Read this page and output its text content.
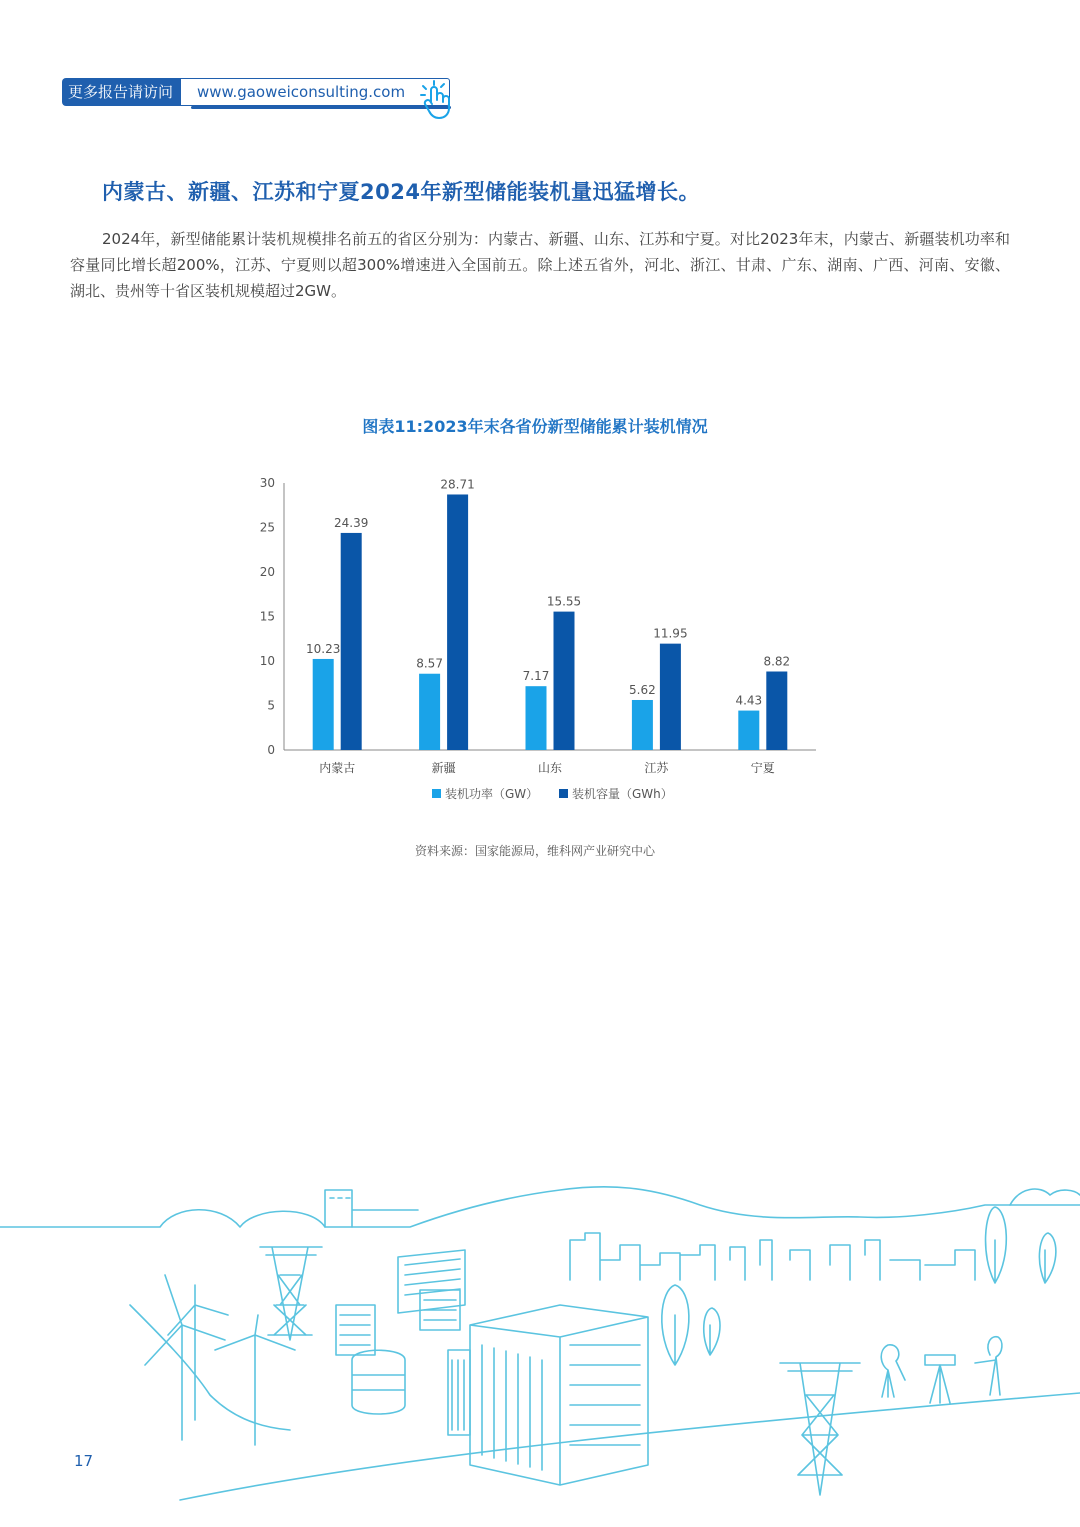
更多报告请访问	www.gaoweiconsulting.com
内蒙古、新疆、江苏和宁夏2024年新型储能装机量迅猛增长。
2024年，新型储能累计装机规模排名前五的省区分别为：内蒙古、新疆、山东、江苏和宁夏。对比2023年末，内蒙古、新疆装机功率和容量同比增长超200%，江苏、宁夏则以超300%增速进入全国前五。除上述五省外，河北、浙江、甘肃、广东、湖南、广西、河南、安徽、湖北、贵州等十省区装机规模超过2GW。
图表11:2023年末各省份新型储能累计装机情况
0
5
10
15
20
25
30
10.23
24.39
内蒙古
8.57
28.71
新疆
7.17
15.55
山东
5.62
11.95
江苏
4.43
8.82
宁夏
装机功率（GW）	装机容量（GWh）
资料来源：国家能源局，维科网产业研究中心
17
